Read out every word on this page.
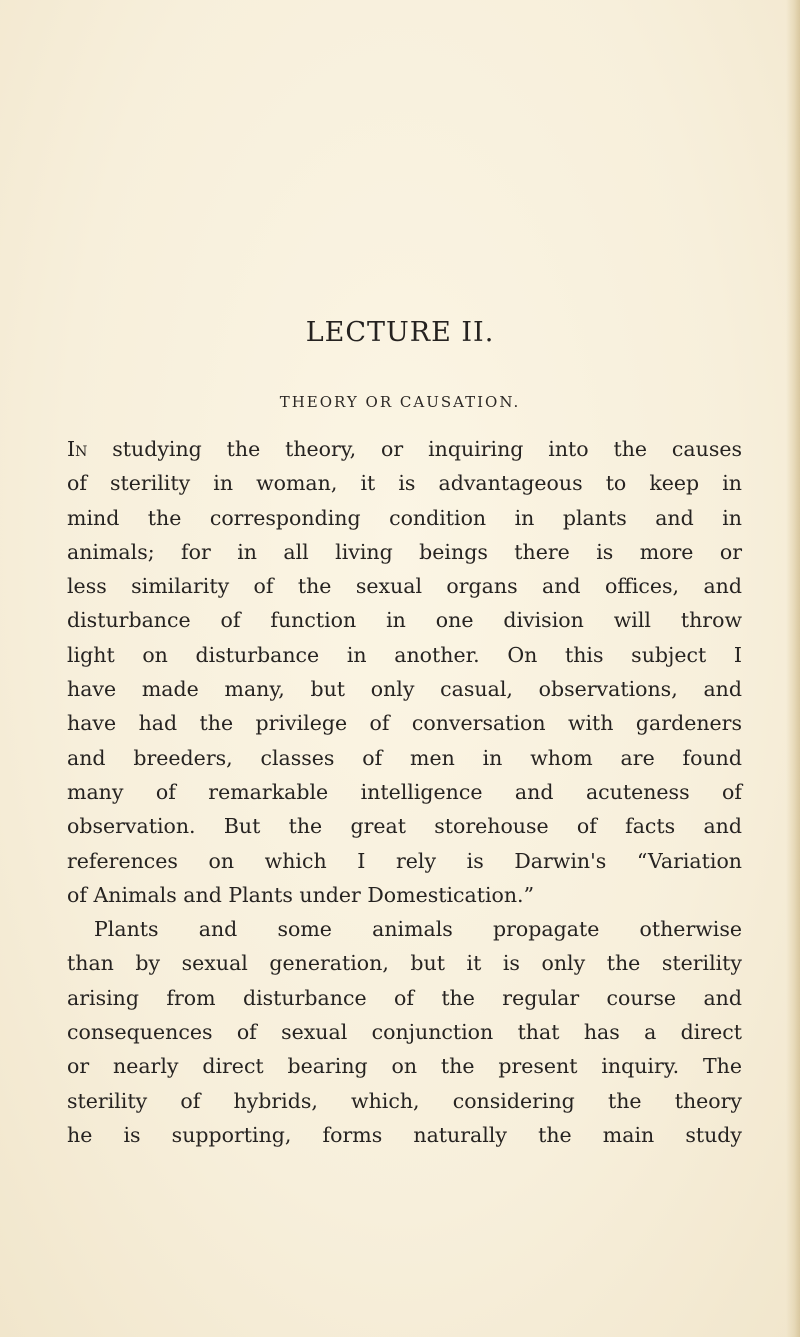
LECTURE II.
THEORY OR CAUSATION.
In studying the theory, or inquiring into the causes
of sterility in woman, it is advantageous to keep in
mind the corresponding condition in plants and in
animals; for in all living beings there is more or
less similarity of the sexual organs and offices, and
disturbance of function in one division will throw
light on disturbance in another. On this subject I
have made many, but only casual, observations, and
have had the privilege of conversation with gardeners
and breeders, classes of men in whom are found
many of remarkable intelligence and acuteness of
observation. But the great storehouse of facts and
references on which I rely is Darwin's “Variation
of Animals and Plants under Domestication.”
Plants and some animals propagate otherwise
than by sexual generation, but it is only the sterility
arising from disturbance of the regular course and
consequences of sexual conjunction that has a direct
or nearly direct bearing on the present inquiry. The
sterility of hybrids, which, considering the theory
he is supporting, forms naturally the main study
